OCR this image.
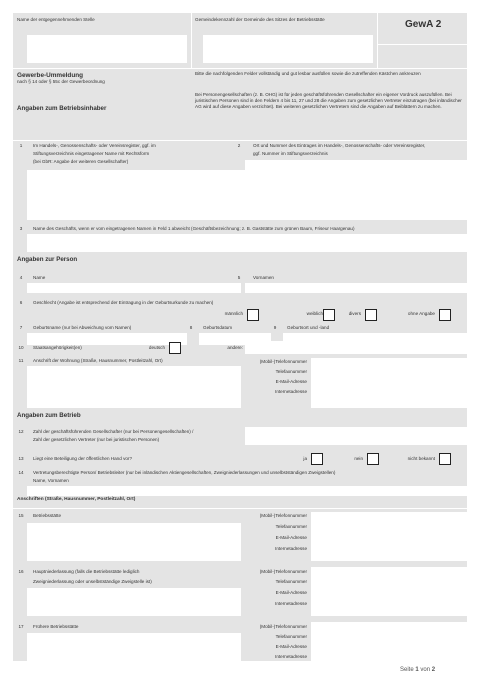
Name der entgegennehmenden Stelle	Gemeindekennzahl der Gemeinde des Sitzes der Betriebsstätte	GewA 2
Gewerbe-Ummeldung
nach § 14 oder § 55c der Gewerbeordnung
Bitte die nachfolgenden Felder vollständig und gut lesbar ausfüllen sowie die zutreffenden Kästchen ankreuzen
Bei Personengesellschaften (z. B. OHG) ist für jeden geschäftsführenden Gesellschafter ein eigener Vordruck auszufüllen. Bei juristischen Personen sind in den Feldern 4 bis 11, 27 und 28 die Angaben zum gesetzlichen Vertreter einzutragen (bei inländischer AG wird auf diese Angaben verzichtet). Bei weiteren gesetzlichen Vertretern sind die Angaben auf Beiblättern zu machen.
Angaben zum Betriebsinhaber
1	Im Handels-, Genossenschafts- oder Vereinsregister, ggf. im
Stiftungsverzeichnis eingetragener Name mit Rechtsform
(bei GbR: Angabe der weiteren Gesellschafter)
2	Ort und Nummer des Eintrages im Handels-, Genossenschafts- oder Vereinsregister,
ggf. Nummer im Stiftungsverzeichnis
3	Name des Geschäfts, wenn er vom eingetragenen Namen in Feld 1 abweicht (Geschäftsbezeichnung; z. B. Gaststätte zum grünen Baum, Friseur Haargenau)
Angaben zur Person
4	Name	5	Vornamen
6	Geschlecht (Angabe ist entsprechend der Eintragung in der Geburtsurkunde zu machen)
männlich	weiblich	divers	ohne Angabe
7	Geburtsname (nur bei Abweichung vom Namen)	8	Geburtsdatum	9	Geburtsort und -land
10	Staatsangehörigkeit(en)	deutsch	andere:
11	Anschrift der Wohnung (Straße, Hausnummer, Postleitzahl, Ort)	(Mobil-)Telefonnummer
Telefaxnummer
E-Mail-Adresse
Internetadresse
Angaben zum Betrieb
12	Zahl der geschäftsführenden Gesellschafter (nur bei Personengesellschaften) /
Zahl der gesetzlichen Vertreter (nur bei juristischen Personen)
13	Liegt eine Beteiligung der öffentlichen Hand vor?	ja	nein	nicht bekannt
14	Vertretungsberechtigte Person/ Betriebsleiter (nur bei inländischen Aktiengesellschaften, Zweigniederlassungen und unselbstständigen Zweigstellen)
Name, Vornamen
Anschriften (Straße, Hausnummer, Postleitzahl, Ort)
15	Betriebsstätte	(Mobil-)Telefonnummer
Telefaxnummer
E-Mail-Adresse
Internetadresse
16	Hauptniederlassung (falls die Betriebsstätte lediglich
Zweigniederlassung oder unselbstständige Zweigstelle ist)
(Mobil-)Telefonnummer
Telefaxnummer
E-Mail-Adresse
Internetadresse
17	Frühere Betriebsstätte	(Mobil-)Telefonnummer
Telefaxnummer
E-Mail-Adresse
Internetadresse
Seite 1 von 2
